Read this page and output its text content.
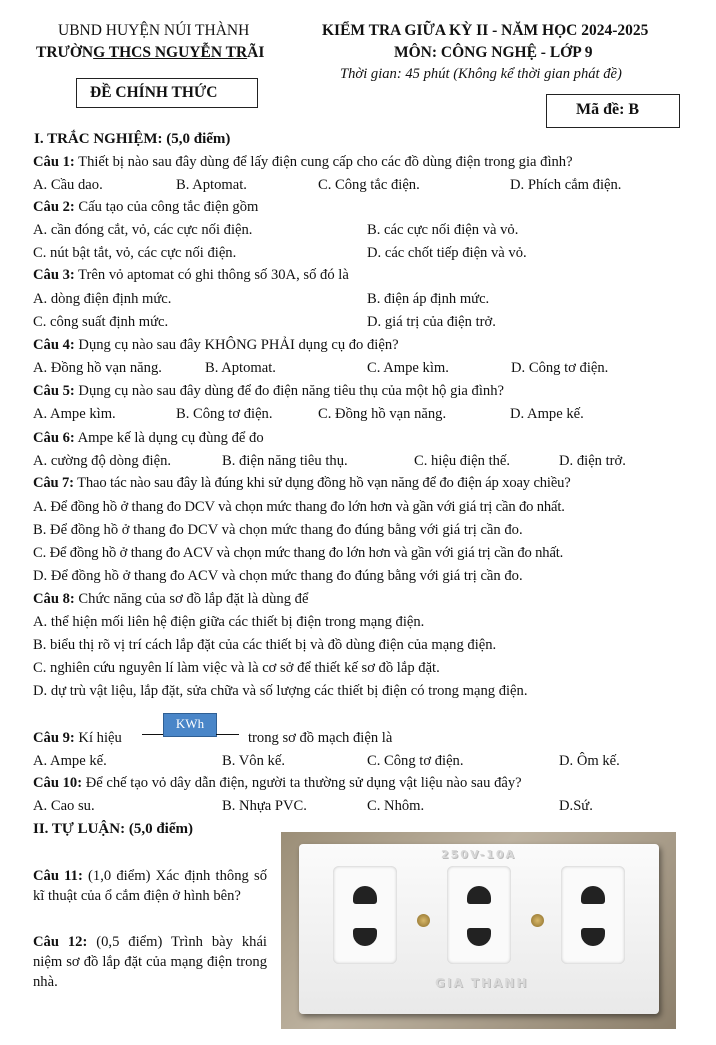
UBND HUYỆN NÚI THÀNH
TRƯỜNG THCS NGUYỄN TRÃI
ĐỀ CHÍNH THỨC
KIỂM TRA GIỮA KỲ II - NĂM HỌC 2024-2025
MÔN: CÔNG NGHỆ - LỚP 9
Thời gian: 45 phút (Không kể thời gian phát đề)
Mã đề: B
I. TRẮC NGHIỆM: (5,0 điểm)
Câu 1: Thiết bị nào sau đây dùng để lấy điện cung cấp cho các đồ dùng điện trong gia đình?
A. Cầu dao.	B. Aptomat.	C. Công tắc điện.	D. Phích cắm điện.
Câu 2: Cấu tạo của công tắc điện gồm
A. cần đóng cắt, vỏ, các cực nối điện.	B. các cực nối điện và vỏ.
C. nút bật tắt, vỏ, các cực nối điện.	D. các chốt tiếp điện và vỏ.
Câu 3: Trên vỏ aptomat có ghi thông số 30A, số đó là
A. dòng điện định mức.	B. điện áp định mức.
C. công suất định mức.	D. giá trị của điện trở.
Câu 4: Dụng cụ nào sau đây KHÔNG PHẢI dụng cụ đo điện?
A. Đồng hồ vạn năng.	B. Aptomat.	C. Ampe kìm.	D. Công tơ điện.
Câu 5: Dụng cụ nào sau đây dùng để đo điện năng tiêu thụ của một hộ gia đình?
A. Ampe kìm.	B. Công tơ điện.	C. Đồng hồ vạn năng.	D. Ampe kế.
Câu 6: Ampe kế là dụng cụ đùng để đo
A. cường độ dòng điện.	B. điện năng tiêu thụ.	C. hiệu điện thế.	D. điện trở.
Câu 7: Thao tác nào sau đây là đúng khi sử dụng đồng hồ vạn năng để đo điện áp xoay chiều?
A. Để đồng hồ ở thang đo DCV và chọn mức thang đo lớn hơn và gần với giá trị cần đo nhất.
B. Để đồng hồ ở thang đo DCV và chọn mức thang đo đúng bằng với giá trị cần đo.
C. Để đồng hồ ở thang đo ACV và chọn mức thang đo lớn hơn và gần với giá trị cần đo nhất.
D. Để đồng hồ ở thang đo ACV và chọn mức thang đo đúng bằng với giá trị cần đo.
Câu 8: Chức năng của sơ đồ lắp đặt là dùng để
A. thể hiện mối liên hệ điện giữa các thiết bị điện trong mạng điện.
B. biểu thị rõ vị trí cách lắp đặt của các thiết bị và đồ dùng điện của mạng điện.
C. nghiên cứu nguyên lí làm việc và là cơ sở để thiết kế sơ đồ lắp đặt.
D. dự trù vật liệu, lắp đặt, sửa chữa và số lượng các thiết bị điện có trong mạng điện.
Câu 9: Kí hiệu
KWh
trong sơ đồ mạch điện là
A. Ampe kế.	B. Vôn kế.	C. Công tơ điện.	D. Ôm kế.
Câu 10: Để chế tạo vỏ dây dẫn điện, người ta thường sử dụng vật liệu nào sau đây?
A. Cao su.	B. Nhựa PVC.	C. Nhôm.	D.Sứ.
II. TỰ LUẬN: (5,0 điểm)
Câu 11: (1,0 điểm) Xác định thông số kĩ thuật của ổ cắm điện ở hình bên?
Câu 12: (0,5 điểm) Trình bày khái niệm sơ đồ lắp đặt của mạng điện trong nhà.
250V-10A
GIA THANH
